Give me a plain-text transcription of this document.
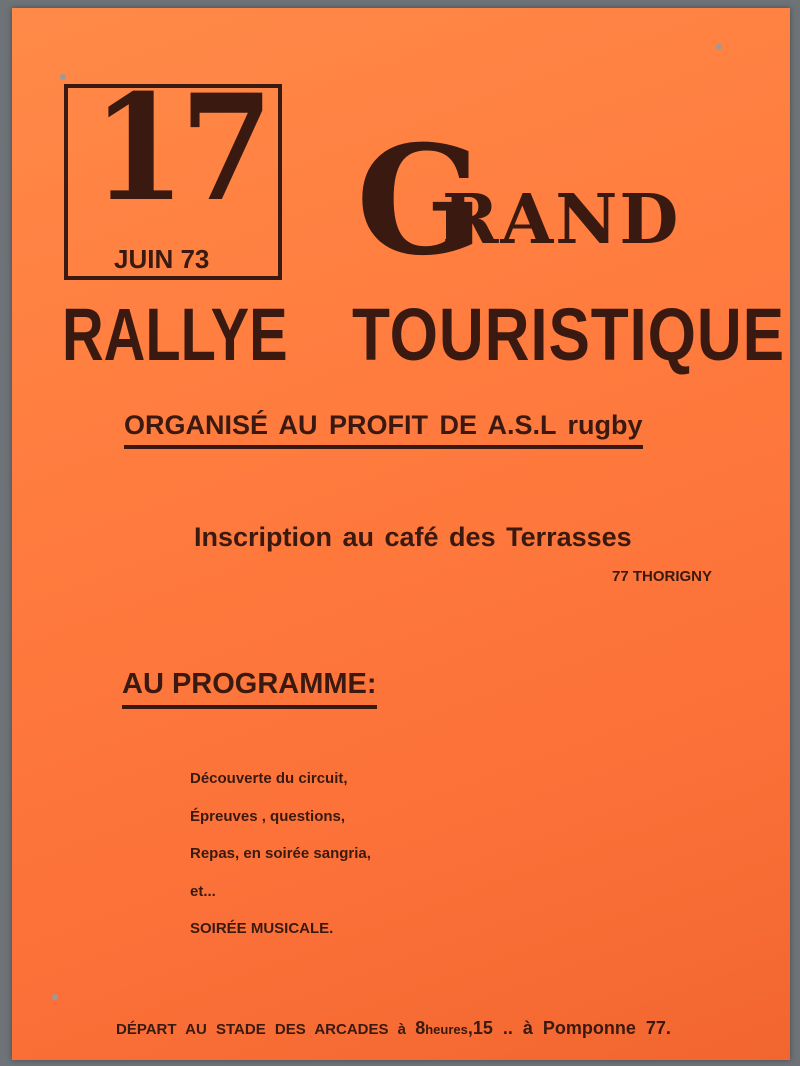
17
JUIN 73 G
RAND
RALLYE TOURISTIQUE
ORGANISÉ AU PROFIT DE A.S.L rugby
Inscription au café des Terrasses
77 THORIGNY
AU PROGRAMME:
Découverte du circuit,
Épreuves , questions,
Repas, en soirée sangria,
et...
SOIRÉE MUSICALE.
DÉPART AU STADE DES ARCADES à 8heures,15 .. à Pomponne 77.
